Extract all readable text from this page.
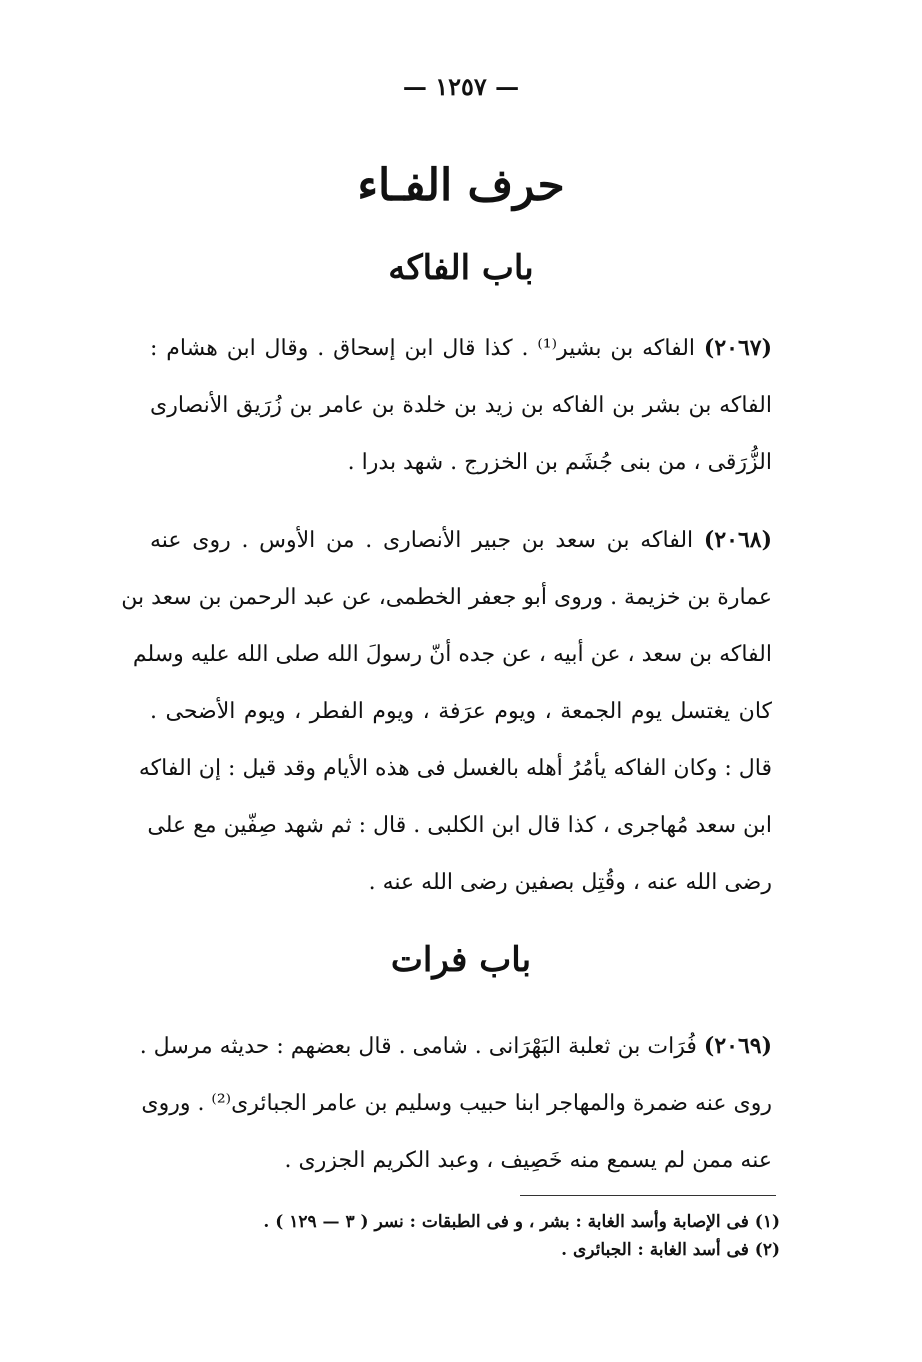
— ١٢٥٧ —
حرف الفـاء
باب الفاكه
(٢٠٦٧) الفاكه بن بشير⁽¹⁾ . كذا قال ابن إسحاق . وقال ابن هشام :
الفاكه بن بشر بن الفاكه بن زيد بن خلدة بن عامر بن زُرَيق الأنصارى
الزُّرَقى ، من بنى جُشَم بن الخزرج . شهد بدرا .
(٢٠٦٨) الفاكه بن سعد بن جبير الأنصارى . من الأوس . روى عنه
عمارة بن خزيمة . وروى أبو جعفر الخطمى، عن عبد الرحمن بن سعد بن
الفاكه بن سعد ، عن أبيه ، عن جده أنّ رسولَ الله صلى الله عليه وسلم
كان يغتسل يوم الجمعة ، ويوم عرَفة ، ويوم الفطر ، ويوم الأضحى .
قال : وكان الفاكه يأمُرُ أهله بالغسل فى هذه الأيام وقد قيل : إن الفاكه
ابن سعد مُهاجرى ، كذا قال ابن الكلبى . قال : ثم شهد صِفّين مع على
رضى الله عنه ، وقُتِل بصفين رضى الله عنه .
باب فرات
(٢٠٦٩) فُرَات بن ثعلبة البَهْرَانى . شامى . قال بعضهم : حديثه مرسل .
روى عنه ضمرة والمهاجر ابنا حبيب وسليم بن عامر الجبائرى⁽²⁾ . وروى
عنه ممن لم يسمع منه خَصِيف ، وعبد الكريم الجزرى .
(١) فى الإصابة وأسد الغابة : بشر ، و فى الطبقات : نسر ( ٣ — ١٢٩ ) .
(٢) فى أسد الغابة : الجبائرى .
